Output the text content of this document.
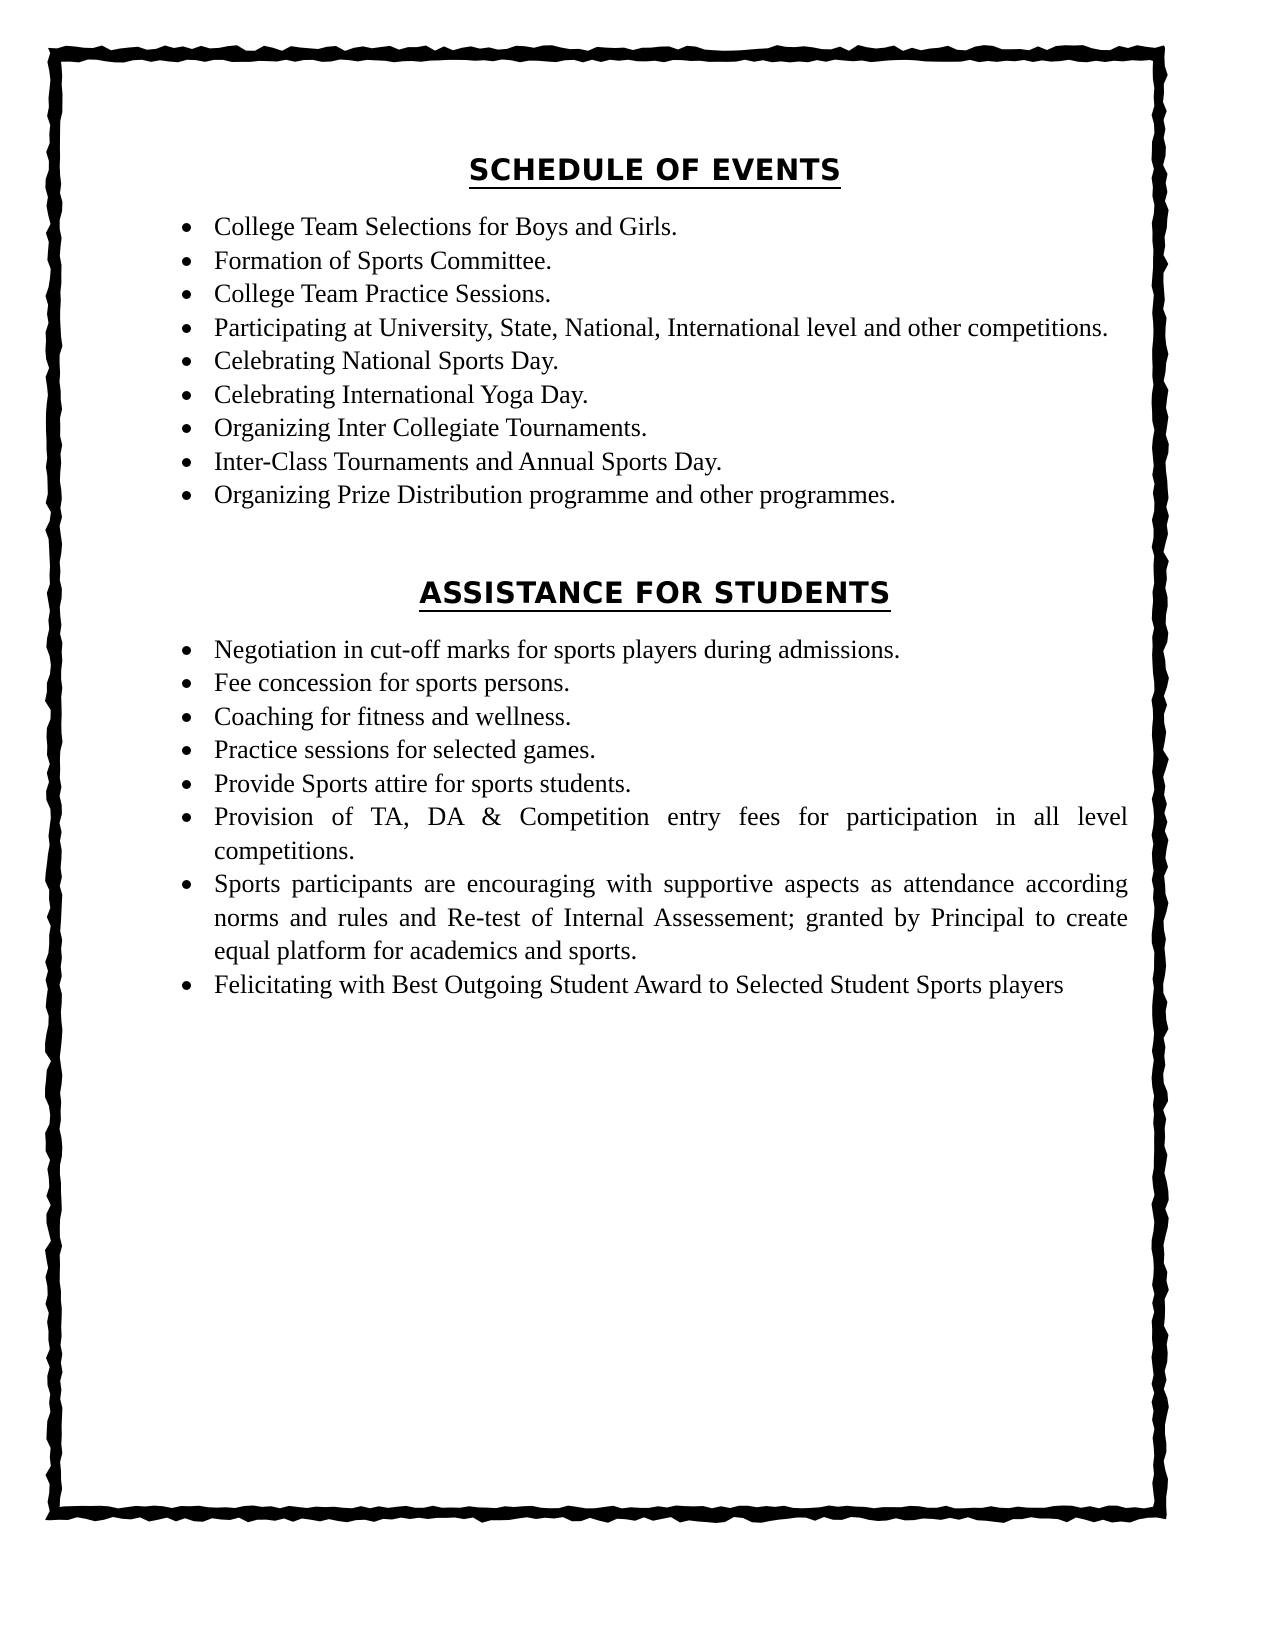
SCHEDULE OF EVENTS
College Team Selections for Boys and Girls.
Formation of Sports Committee.
College Team Practice Sessions.
Participating at University, State, National, International level and other competitions.
Celebrating National Sports Day.
Celebrating International Yoga Day.
Organizing Inter Collegiate Tournaments.
Inter-Class Tournaments and Annual Sports Day.
Organizing Prize Distribution programme and other programmes.
ASSISTANCE FOR STUDENTS
Negotiation in cut-off marks for sports players during admissions.
Fee concession for sports persons.
Coaching for fitness and wellness.
Practice sessions for selected games.
Provide Sports attire for sports students.
Provision of TA, DA & Competition entry fees for participation in all level competitions.
Sports participants are encouraging with supportive aspects as attendance according norms and rules and Re-test of Internal Assessement; granted by Principal to create equal platform for academics and sports.
Felicitating with Best Outgoing Student Award to Selected Student Sports players
